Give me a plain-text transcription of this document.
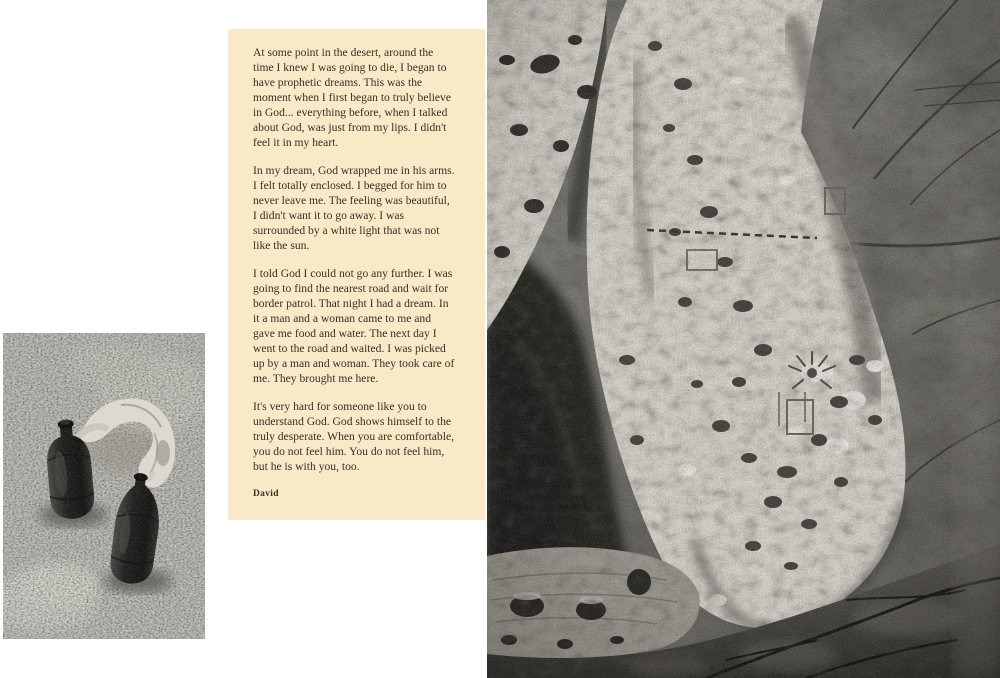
At some point in the desert, around the time I knew I was going to die, I began to have prophetic dreams. This was the moment when I first began to truly believe in God... everything before, when I talked about God, was just from my lips. I didn't feel it in my heart.

In my dream, God wrapped me in his arms. I felt totally enclosed. I begged for him to never leave me. The feeling was beautiful, I didn't want it to go away. I was surrounded by a white light that was not like the sun.

I told God I could not go any further. I was going to find the nearest road and wait for border patrol. That night I had a dream. In it a man and a woman came to me and gave me food and water. The next day I went to the road and waited. I was picked up by a man and woman. They took care of me. They brought me here.

It's very hard for someone like you to understand God. God shows himself to the truly desperate. When you are comfortable, you do not feel him. You do not feel him, but he is with you, too.

David
